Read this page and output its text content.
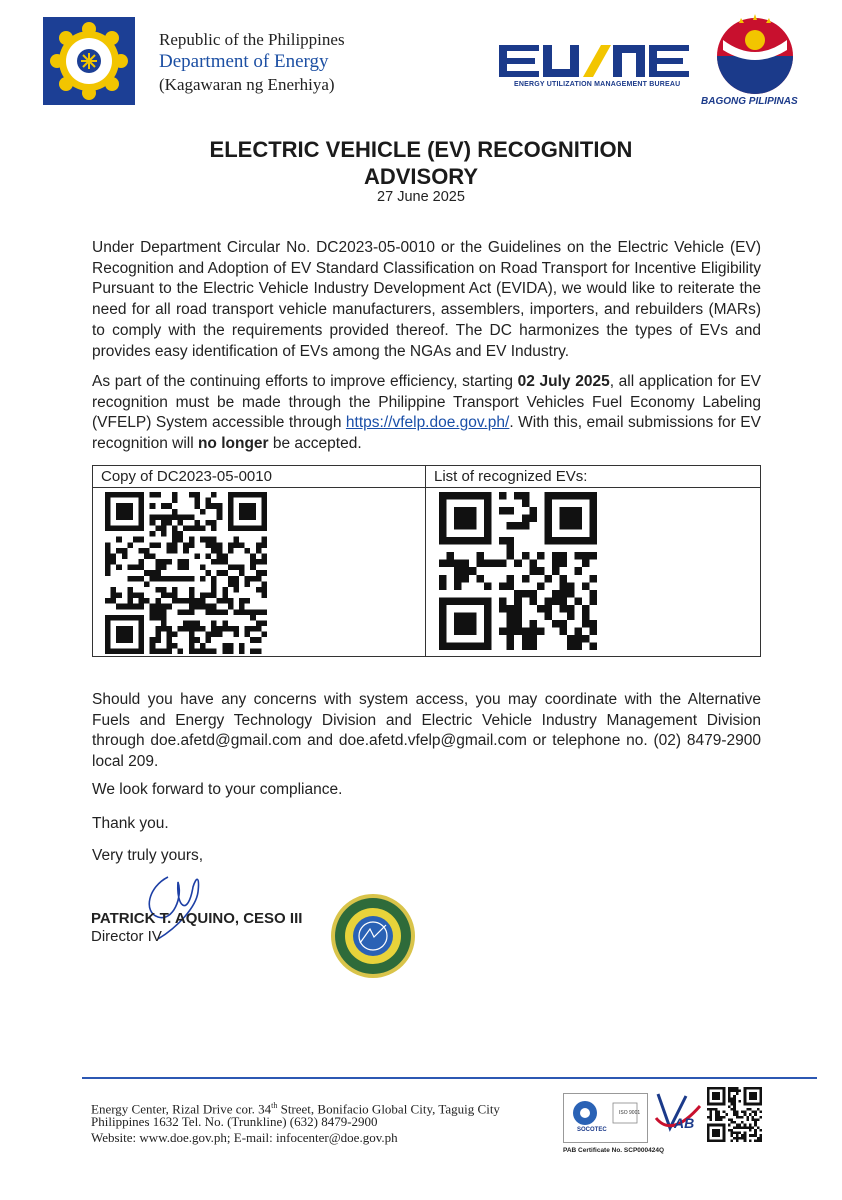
Republic of the Philippines
Department of Energy
(Kagawaran ng Enerhiya)	ENERGY UTILIZATION MANAGEMENT BUREAU
BAGONG PILIPINAS
ELECTRIC VEHICLE (EV) RECOGNITION
ADVISORY
27 June 2025
Under Department Circular No. DC2023-05-0010 or the Guidelines on the Electric Vehicle (EV) Recognition and Adoption of EV Standard Classification on Road Transport for Incentive Eligibility Pursuant to the Electric Vehicle Industry Development Act (EVIDA), we would like to reiterate the need for all road transport vehicle manufacturers, assemblers, importers, and rebuilders (MARs) to comply with the requirements provided thereof. The DC harmonizes the types of EVs and provides easy identification of EVs among the NGAs and EV Industry.
As part of the continuing efforts to improve efficiency, starting 02 July 2025, all application for EV recognition must be made through the Philippine Transport Vehicles Fuel Economy Labeling (VFELP) System accessible through https://vfelp.doe.gov.ph/. With this, email submissions for EV recognition will no longer be accepted.
Copy of DC2023-05-0010	List of recognized EVs:
Should you have any concerns with system access, you may coordinate with the Alternative Fuels and Energy Technology Division and Electric Vehicle Industry Management Division through doe.afetd@gmail.com and doe.afetd.vfelp@gmail.com or telephone no. (02) 8479-2900 local 209.
We look forward to your compliance.
Thank you.
Very truly yours,
PATRICK T. AQUINO, CESO III
Director IV
Energy Center, Rizal Drive cor. 34th Street, Bonifacio Global City, Taguig City
Philippines 1632 Tel. No. (Trunkline) (632) 8479-2900
Website: www.doe.gov.ph; E-mail: infocenter@doe.gov.ph	SOCOTEC
ISO 9001
AB
PAB Certificate No. SCP000424Q
